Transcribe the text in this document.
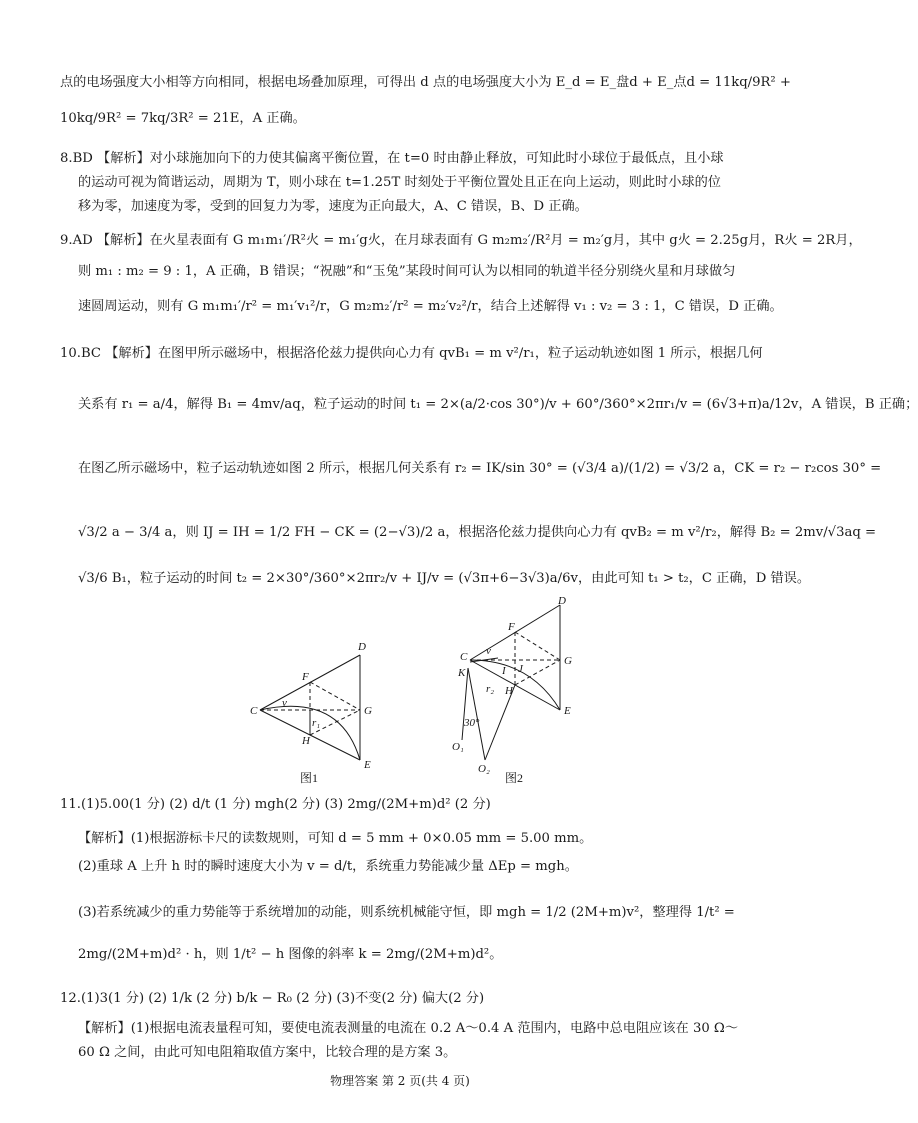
点的电场强度大小相等方向相同，根据电场叠加原理，可得出 d 点的电场强度大小为 E_d = E_盘d + E_点d = 11kq/9R² +
10kq/9R² = 7kq/3R² = 21E，A 正确。
8.BD 【解析】对小球施加向下的力使其偏离平衡位置，在 t=0 时由静止释放，可知此时小球位于最低点，且小球
的运动可视为简谐运动，周期为 T，则小球在 t=1.25T 时刻处于平衡位置处且正在向上运动，则此时小球的位
移为零，加速度为零，受到的回复力为零，速度为正向最大，A、C 错误，B、D 正确。
9.AD 【解析】在火星表面有 G m₁m₁′/R²火 = m₁′g火，在月球表面有 G m₂m₂′/R²月 = m₂′g月，其中 g火 = 2.25g月，R火 = 2R月，
则 m₁ : m₂ = 9 : 1，A 正确，B 错误；“祝融”和“玉兔”某段时间可认为以相同的轨道半径分别绕火星和月球做匀
速圆周运动，则有 G m₁m₁′/r² = m₁′v₁²/r，G m₂m₂′/r² = m₂′v₂²/r，结合上述解得 v₁ : v₂ = 3 : 1，C 错误，D 正确。
10.BC 【解析】在图甲所示磁场中，根据洛伦兹力提供向心力有 qvB₁ = m v²/r₁，粒子运动轨迹如图 1 所示，根据几何
关系有 r₁ = a/4，解得 B₁ = 4mv/aq，粒子运动的时间 t₁ = 2×(a/2·cos 30°)/v + 60°/360°×2πr₁/v = (6√3+π)a/12v，A 错误，B 正确；
在图乙所示磁场中，粒子运动轨迹如图 2 所示，根据几何关系有 r₂ = IK/sin 30° = (√3/4 a)/(1/2) = √3/2 a，CK = r₂ − r₂cos 30° =
√3/2 a − 3/4 a，则 IJ = IH = 1/2 FH − CK = (2−√3)/2 a，根据洛伦兹力提供向心力有 qvB₂ = m v²/r₂，解得 B₂ = 2mv/√3aq =
√3/6 B₁，粒子运动的时间 t₂ = 2×30°/360°×2πr₂/v + IJ/v = (√3π+6−3√3)a/6v，由此可知 t₁ > t₂，C 正确，D 错误。
C
D
E
F
G
H
r₁
v
C
D
E
F
G
H
I J
K
O₁
O₂
r₂
30°
v
图1	图2
11.(1)5.00(1 分) (2) d/t (1 分) mgh(2 分) (3) 2mg/(2M+m)d² (2 分)
【解析】(1)根据游标卡尺的读数规则，可知 d = 5 mm + 0×0.05 mm = 5.00 mm。
(2)重球 A 上升 h 时的瞬时速度大小为 v = d/t，系统重力势能减少量 ΔEp = mgh。
(3)若系统减少的重力势能等于系统增加的动能，则系统机械能守恒，即 mgh = 1/2 (2M+m)v²，整理得 1/t² =
2mg/(2M+m)d² · h，则 1/t² − h 图像的斜率 k = 2mg/(2M+m)d²。
12.(1)3(1 分) (2) 1/k (2 分) b/k − R₀ (2 分) (3)不变(2 分) 偏大(2 分)
【解析】(1)根据电流表量程可知，要使电流表测量的电流在 0.2 A～0.4 A 范围内，电路中总电阻应该在 30 Ω～
60 Ω 之间，由此可知电阻箱取值方案中，比较合理的是方案 3。
物理答案 第 2 页(共 4 页)
